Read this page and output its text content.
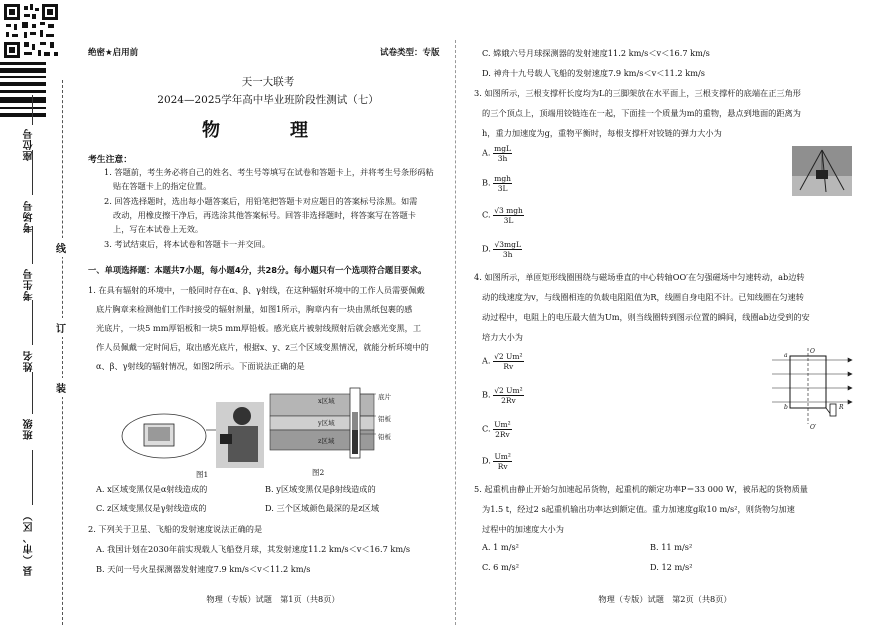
座位号
考场号
考生号
姓名
班级
县（市、区）
线
订
装
绝密★启用前	试卷类型：专版
天一大联考
2024—2025学年高中毕业班阶段性测试（七）
物　理
考生注意：
1. 答题前，考生务必将自己的姓名、考生号等填写在试卷和答题卡上，并将考生号条形码粘
贴在答题卡上的指定位置。
2. 回答选择题时，选出每小题答案后，用铅笔把答题卡对应题目的答案标号涂黑。如需
改动，用橡皮擦干净后，再选涂其他答案标号。回答非选择题时，将答案写在答题卡
上，写在本试卷上无效。
3. 考试结束后，将本试卷和答题卡一并交回。
一、单项选择题：本题共7小题，每小题4分，共28分。每小题只有一个选项符合题目要求。
1. 在具有辐射的环境中，一般同时存在α、β、γ射线，在这种辐射环境中的工作人员需要佩戴
底片胸章来检测他们工作时接受的辐射剂量，如图1所示，胸章内有一块由黑纸包裹的感
光底片，一块5 mm厚铝板和一块5 mm厚铅板。感光底片被射线照射后就会感光变黑，工
作人员佩戴一定时间后，取出感光底片，根据x、y、z三个区域变黑情况，就能分析环境中的
α、β、γ射线的辐射情况，如图2所示。下面说法正确的是
图1
x区域
y区域
z区域
底片
铝板
铅板
图2
A. x区域变黑仅是α射线造成的	B. y区域变黑仅是β射线造成的
C. z区域变黑仅是γ射线造成的	D. 三个区域颜色最深的是z区域
2. 下列关于卫星、飞船的发射速度说法正确的是
A. 我国计划在2030年前实现载人飞船登月球，其发射速度11.2 km/s＜v＜16.7 km/s
B. 天问一号火星探测器发射速度7.9 km/s＜v＜11.2 km/s
物理（专版）试题　第1页（共8页）
C. 嫦娥六号月球探测器的发射速度11.2 km/s＜v＜16.7 km/s
D. 神舟十九号载人飞船的发射速度7.9 km/s＜v＜11.2 km/s
3. 如图所示，三根支撑杆长度均为L的三脚架放在水平面上，三根支撑杆的底端在正三角形
的三个顶点上，顶端用铰链连在一起，下面挂一个质量为m的重物，悬点到地面的距离为
h，重力加速度为g，重物平衡时，每根支撑杆对铰链的弹力大小为
A. $\frac{\text{mgL}}{3h}$
B. $\frac{\text{mgh}}{3L}$
C. $\frac{\text{√3 mgh}}{3L}$
D. $\frac{\text{√3mgL}}{3h}$
4. 如图所示，单匝矩形线圈围绕与磁场垂直的中心转轴OO′在匀强磁场中匀速转动，ab边转
动的线速度为v，与线圈相连的负载电阻阻值为R，线圈自身电阻不计。已知线圈在匀速转
动过程中，电阻上的电压最大值为Um，则当线圈转到图示位置的瞬间，线圈ab边受到的安
培力大小为
A. $\frac{\text{√2 Um²}}{Rv}$
B. $\frac{\text{√2 Um²}}{2Rv}$
C. $\frac{\text{Um²}}{2Rv}$
D. $\frac{\text{Um²}}{Rv}$
O
O′
a
b	R
5. 起重机由静止开始匀加速起吊货物，起重机的额定功率P＝33 000 W，被吊起的货物质量
为1.5 t，经过2 s起重机输出功率达到额定值。重力加速度g取10 m/s²，则货物匀加速
过程中的加速度大小为
A. 1 m/s²	B. 11 m/s²
C. 6 m/s²	D. 12 m/s²
物理（专版）试题　第2页（共8页）
